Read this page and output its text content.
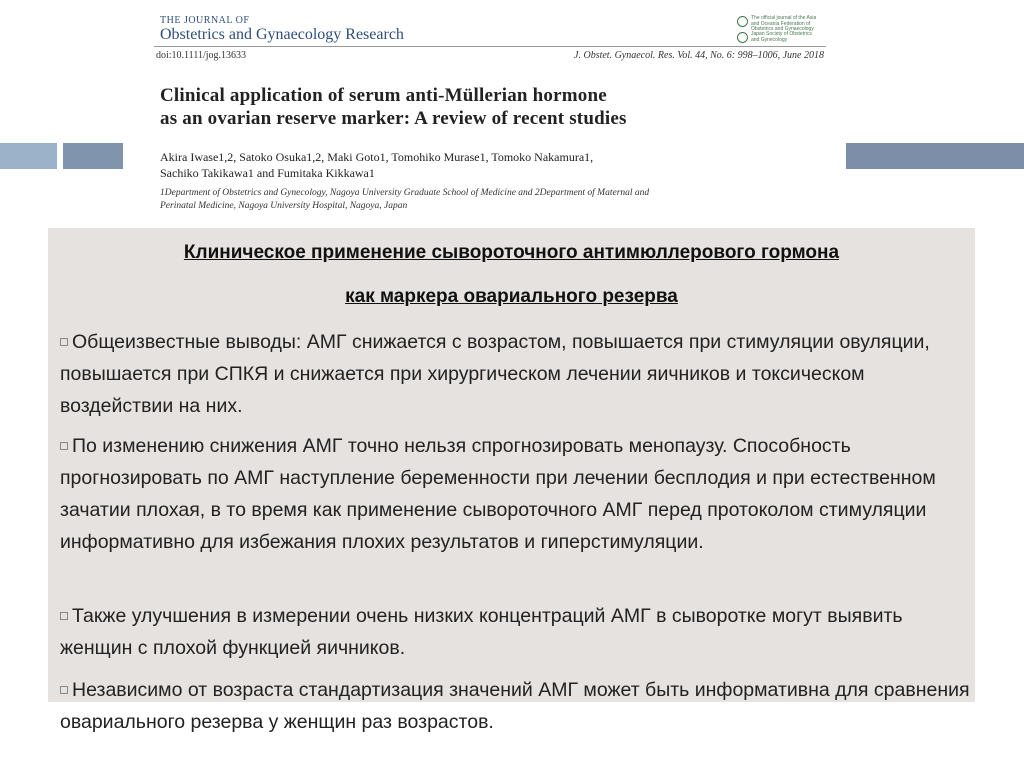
THE JOURNAL OF
Obstetrics and Gynaecology Research
The official journal of the Asia and Oceania Federation of Obstetrics and Gynaecology
Japan Society of Obstetrics and Gynecology
doi:10.1111/jog.13633	J. Obstet. Gynaecol. Res. Vol. 44, No. 6: 998–1006, June 2018
Clinical application of serum anti-Müllerian hormone
as an ovarian reserve marker: A review of recent studies
Akira Iwase1,2, Satoko Osuka1,2, Maki Goto1, Tomohiko Murase1, Tomoko Nakamura1,
Sachiko Takikawa1 and Fumitaka Kikkawa1
1Department of Obstetrics and Gynecology, Nagoya University Graduate School of Medicine and 2Department of Maternal and
Perinatal Medicine, Nagoya University Hospital, Nagoya, Japan
Клиническое применение сывороточного антимюллерового гормона
как маркера овариального резерва
Общеизвестные выводы: АМГ снижается с возрастом, повышается при стимуляции овуляции, повышается при СПКЯ и снижается при хирургическом лечении яичников и токсическом воздействии на них.
По изменению снижения АМГ точно нельзя спрогнозировать менопаузу. Способность прогнозировать по АМГ наступление беременности при лечении бесплодия и при естественном зачатии плохая, в то время как применение сывороточного АМГ перед протоколом стимуляции информативно для избежания плохих результатов и гиперстимуляции.
Также улучшения в измерении очень низких концентраций АМГ в сыворотке могут выявить женщин с плохой функцией яичников.
Независимо от возраста стандартизация значений АМГ может быть информативна для сравнения овариального резерва у женщин раз возрастов.
